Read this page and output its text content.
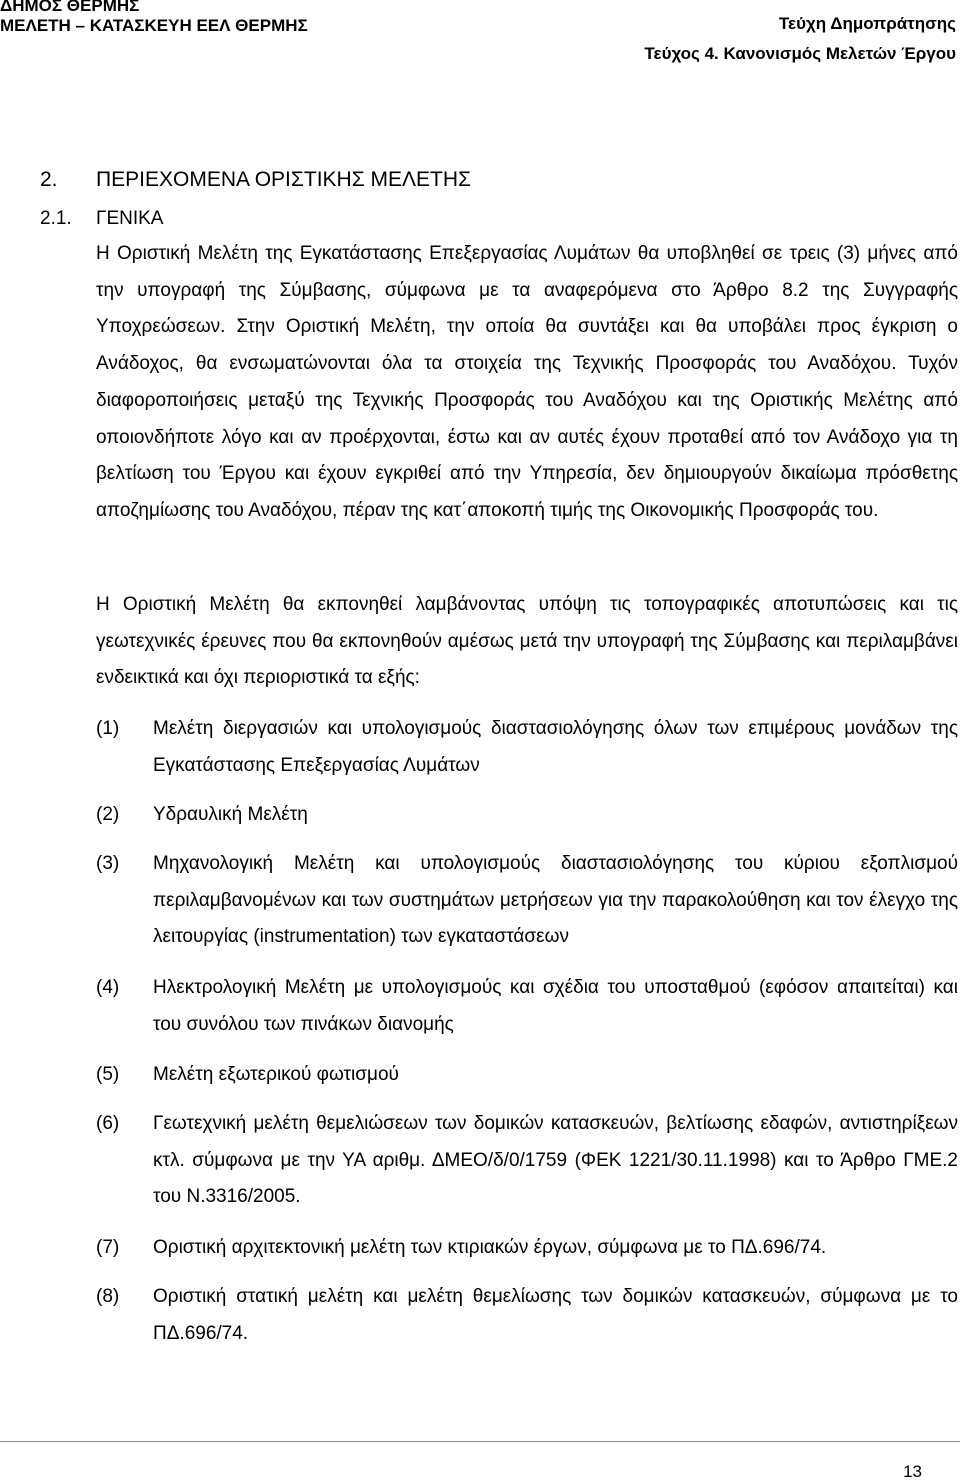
ΔΗΜΟΣ ΘΕΡΜΗΣ
ΜΕΛΕΤΗ – ΚΑΤΑΣΚΕΥΗ ΕΕΛ ΘΕΡΜΗΣ	Τεύχη Δημοπράτησης
Τεύχος 4. Κανονισμός Μελετών Έργου
2. ΠΕΡΙΕΧΟΜΕΝΑ ΟΡΙΣΤΙΚΗΣ ΜΕΛΕΤΗΣ
2.1. ΓΕΝΙΚΑ

Η Οριστική Μελέτη της Εγκατάστασης Επεξεργασίας Λυμάτων θα υποβληθεί σε τρεις (3) μήνες από την υπογραφή της Σύμβασης, σύμφωνα με τα αναφερόμενα στο Άρθρο 8.2 της Συγγραφής Υποχρεώσεων. Στην Οριστική Μελέτη, την οποία θα συντάξει και θα υποβάλει προς έγκριση ο Ανάδοχος, θα ενσωματώνονται όλα τα στοιχεία της Τεχνικής Προσφοράς του Αναδόχου. Τυχόν διαφοροποιήσεις μεταξύ της Τεχνικής Προσφοράς του Αναδόχου και της Οριστικής Μελέτης από οποιονδήποτε λόγο και αν προέρχονται, έστω και αν αυτές έχουν προταθεί από τον Ανάδοχο για τη βελτίωση του Έργου και έχουν εγκριθεί από την Υπηρεσία, δεν δημιουργούν δικαίωμα πρόσθετης αποζημίωσης του Αναδόχου, πέραν της κατ΄αποκοπή τιμής της Οικονομικής Προσφοράς του.

Η Οριστική Μελέτη θα εκπονηθεί λαμβάνοντας υπόψη τις τοπογραφικές αποτυπώσεις και τις γεωτεχνικές έρευνες που θα εκπονηθούν αμέσως μετά την υπογραφή της Σύμβασης και περιλαμβάνει ενδεικτικά και όχι περιοριστικά τα εξής:

(1) Μελέτη διεργασιών και υπολογισμούς διαστασιολόγησης όλων των επιμέρους μονάδων της Εγκατάστασης Επεξεργασίας Λυμάτων
(2) Υδραυλική Μελέτη
(3) Μηχανολογική Μελέτη και υπολογισμούς διαστασιολόγησης του κύριου εξοπλισμού περιλαμβανομένων και των συστημάτων μετρήσεων για την παρακολούθηση και τον έλεγχο της λειτουργίας (instrumentation) των εγκαταστάσεων
(4) Ηλεκτρολογική Μελέτη με υπολογισμούς και σχέδια του υποσταθμού (εφόσον απαιτείται) και του συνόλου των πινάκων διανομής
(5) Μελέτη εξωτερικού φωτισμού
(6) Γεωτεχνική μελέτη θεμελιώσεων των δομικών κατασκευών, βελτίωσης εδαφών, αντιστηρίξεων κτλ. σύμφωνα με την ΥΑ αριθμ. ΔΜΕΟ/δ/0/1759 (ΦΕΚ 1221/30.11.1998) και το Άρθρο ΓΜΕ.2 του Ν.3316/2005.
(7) Οριστική αρχιτεκτονική μελέτη των κτιριακών έργων, σύμφωνα με το ΠΔ.696/74.
(8) Οριστική στατική μελέτη και μελέτη θεμελίωσης των δομικών κατασκευών, σύμφωνα με το ΠΔ.696/74.
13
